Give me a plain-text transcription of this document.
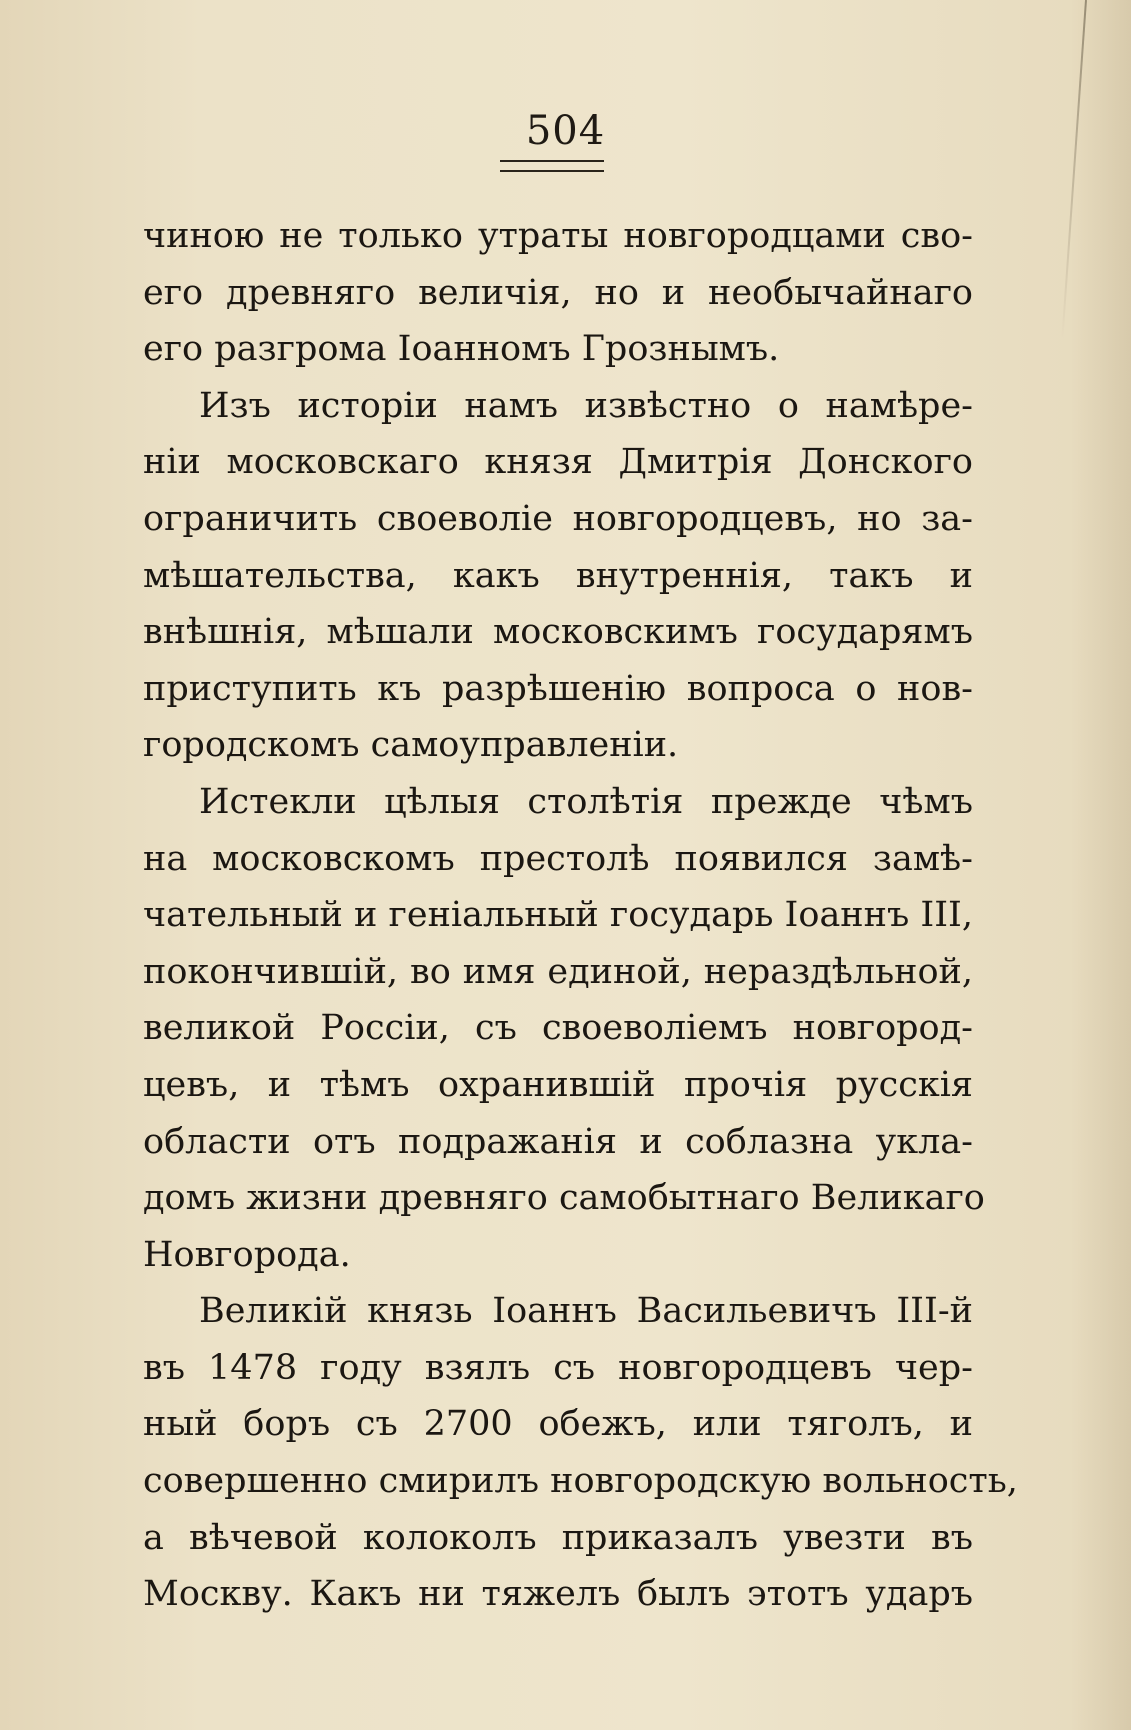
504
чиною не только утраты новгородцами сво-
его древняго величія, но и необычайнаго
его разгрома Іоанномъ Грознымъ.
Изъ исторіи намъ извѣстно о намѣре-
ніи московскаго князя Дмитрія Донского
ограничить своеволіе новгородцевъ, но за-
мѣшательства, какъ внутреннія, такъ и
внѣшнія, мѣшали московскимъ государямъ
приступить къ разрѣшенію вопроса о нов-
городскомъ самоуправленіи.
Истекли цѣлыя столѣтія прежде чѣмъ
на московскомъ престолѣ появился замѣ-
чательный и геніальный государь Іоаннъ III,
покончившій, во имя единой, нераздѣльной,
великой Россіи, съ своеволіемъ новгород-
цевъ, и тѣмъ охранившій прочія русскія
области отъ подражанія и соблазна укла-
домъ жизни древняго самобытнаго Великаго
Новгорода.
Великій князь Іоаннъ Васильевичъ III-й
въ 1478 году взялъ съ новгородцевъ чер-
ный боръ съ 2700 обежъ, или тяголъ, и
совершенно смирилъ новгородскую вольность,
а вѣчевой колоколъ приказалъ увезти въ
Москву. Какъ ни тяжелъ былъ этотъ ударъ
